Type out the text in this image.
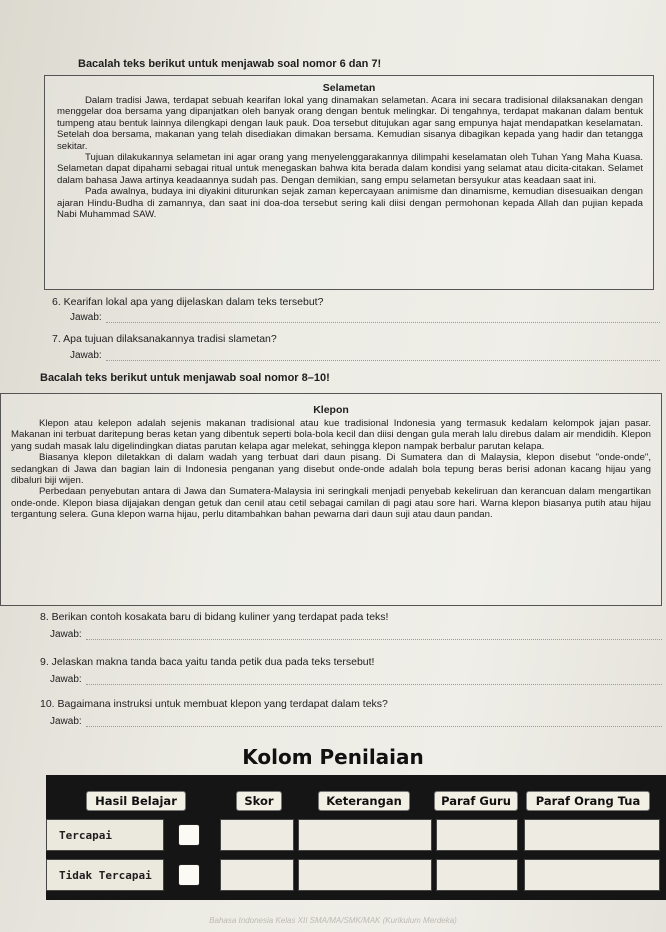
Bacalah teks berikut untuk menjawab soal nomor 6 dan 7!
Selametan

Dalam tradisi Jawa, terdapat sebuah kearifan lokal yang dinamakan selametan. Acara ini secara tradisional dilaksanakan dengan menggelar doa bersama yang dipanjatkan oleh banyak orang dengan bentuk melingkar. Di tengahnya, terdapat makanan dalam bentuk tumpeng atau bentuk lainnya dilengkapi dengan lauk pauk. Doa tersebut ditujukan agar sang empunya hajat mendapatkan keselamatan. Setelah doa bersama, makanan yang telah disediakan dimakan bersama. Kemudian sisanya dibagikan kepada yang hadir dan tetangga sekitar.

Tujuan dilakukannya selametan ini agar orang yang menyelenggarakannya dilimpahi keselamatan oleh Tuhan Yang Maha Kuasa. Selametan dapat dipahami sebagai ritual untuk menegaskan bahwa kita berada dalam kondisi yang selamat atau dicita-citakan. Selamet dalam bahasa Jawa artinya keadaannya sudah pas. Dengan demikian, sang empu selametan bersyukur atas keadaan saat ini.

Pada awalnya, budaya ini diyakini diturunkan sejak zaman kepercayaan animisme dan dinamisme, kemudian disesuaikan dengan ajaran Hindu-Budha di zamannya, dan saat ini doa-doa tersebut sering kali diisi dengan permohonan kepada Allah dan pujian kepada Nabi Muhammad SAW.

6. Kearifan lokal apa yang dijelaskan dalam teks tersebut?
Jawab:
7. Apa tujuan dilaksanakannya tradisi slametan?
Jawab:
Bacalah teks berikut untuk menjawab soal nomor 8–10!
Klepon

Klepon atau kelepon adalah sejenis makanan tradisional atau kue tradisional Indonesia yang termasuk kedalam kelompok jajan pasar. Makanan ini terbuat daritepung beras ketan yang dibentuk seperti bola-bola kecil dan diisi dengan gula merah lalu direbus dalam air mendidih. Klepon yang sudah masak lalu digelindingkan diatas parutan kelapa agar melekat, sehingga klepon nampak berbalur parutan kelapa.

Biasanya klepon diletakkan di dalam wadah yang terbuat dari daun pisang. Di Sumatera dan di Malaysia, klepon disebut "onde-onde", sedangkan di Jawa dan bagian lain di Indonesia penganan yang disebut onde-onde adalah bola tepung beras berisi adonan kacang hijau yang dibaluri biji wijen.

Perbedaan penyebutan antara di Jawa dan Sumatera-Malaysia ini seringkali menjadi penyebab kekeliruan dan kerancuan dalam mengartikan onde-onde. Klepon biasa dijajakan dengan getuk dan cenil atau cetil sebagai camilan di pagi atau sore hari. Warna klepon biasanya putih atau hijau tergantung selera. Guna klepon warna hijau, perlu ditambahkan bahan pewarna dari daun suji atau daun pandan.

8. Berikan contoh kosakata baru di bidang kuliner yang terdapat pada teks!
Jawab:
9. Jelaskan makna tanda baca yaitu tanda petik dua pada teks tersebut!
Jawab:
10. Bagaimana instruksi untuk membuat klepon yang terdapat dalam teks?
Jawab:
Kolom Penilaian
Hasil Belajar	Skor	Keterangan	Paraf Guru	Paraf Orang Tua
Tercapai
Tidak Tercapai
Bahasa Indonesia Kelas XII SMA/MA/SMK/MAK (Kurikulum Merdeka)
